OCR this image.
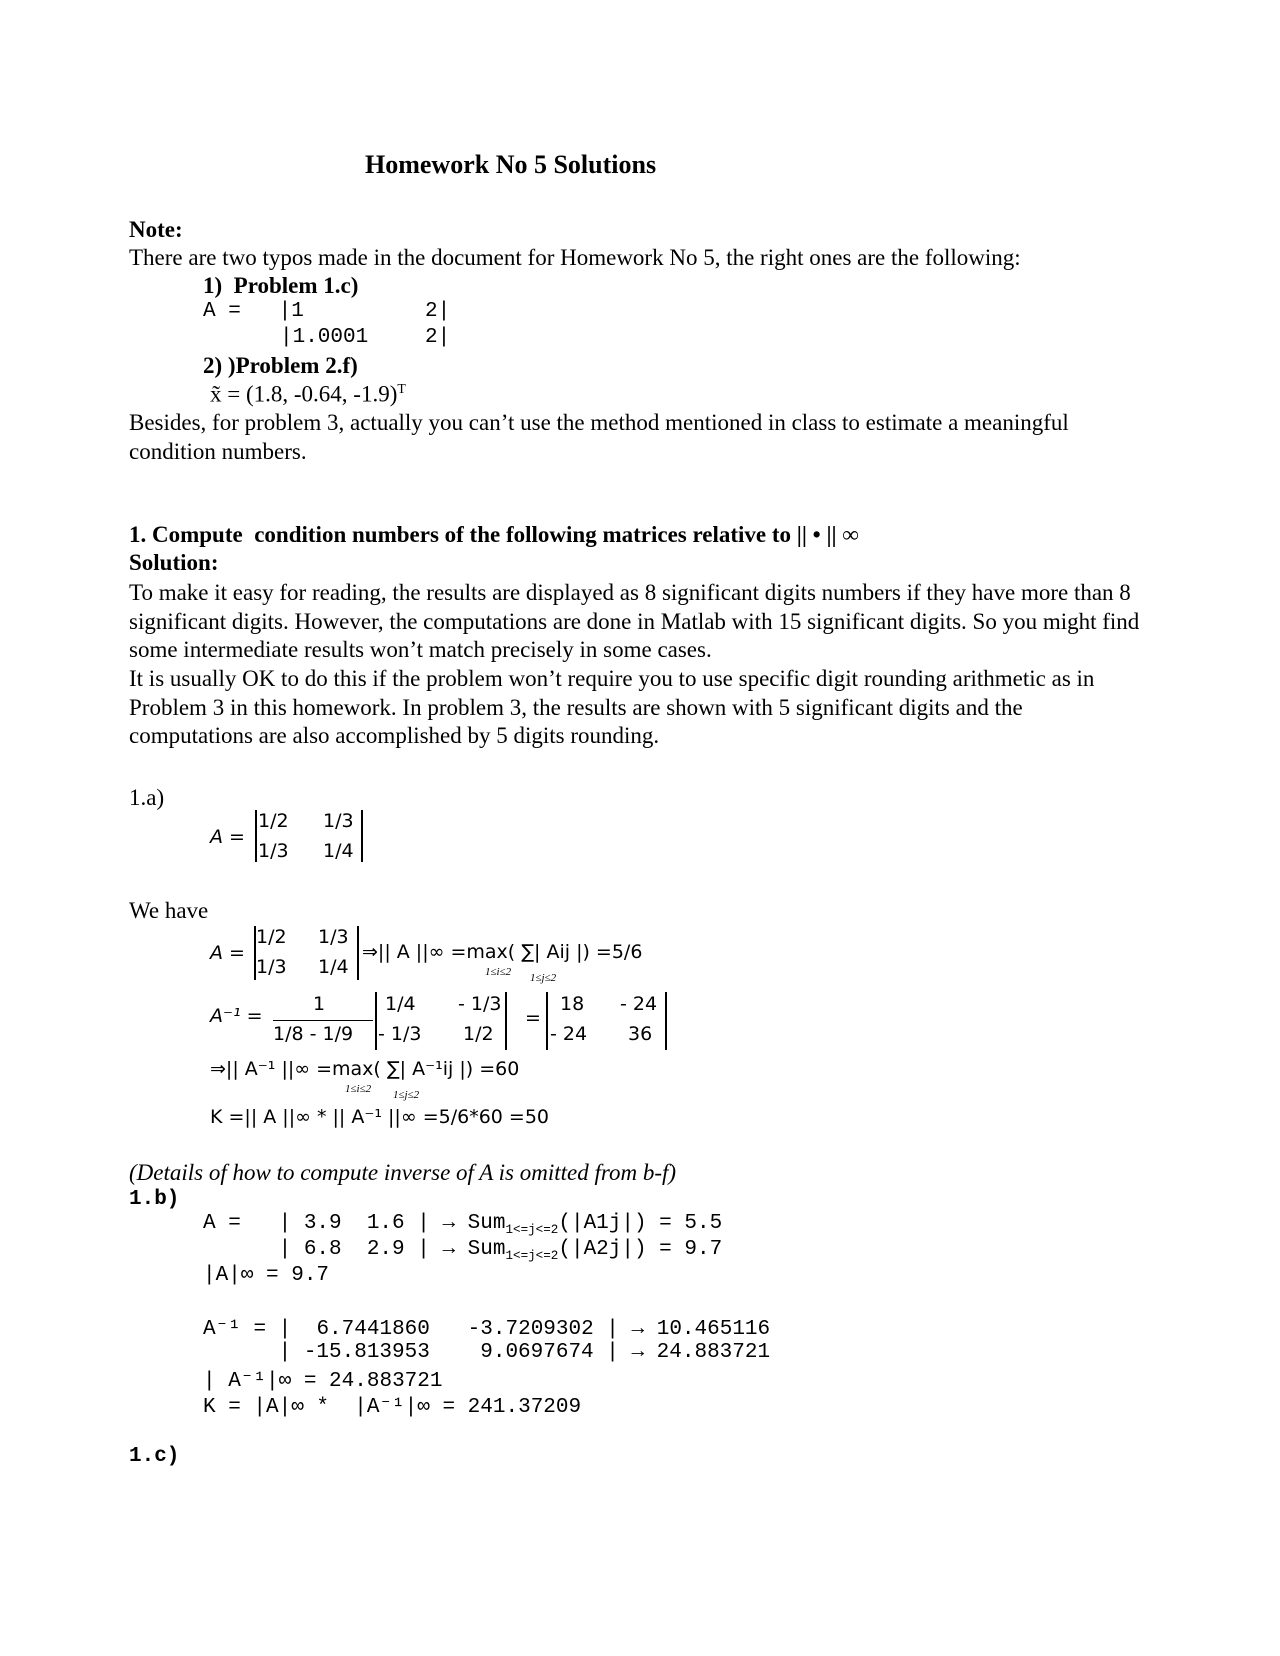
Homework No 5 Solutions
Note:
There are two typos made in the document for Homework No 5, the right ones are the following:
1)  Problem 1.c)
A =   |1	2|
|1.0001	2|
2) )Problem 2.f)
x̃ = (1.8, -0.64, -1.9)$^T$
Besides, for problem 3, actually you can’t use the method mentioned in class to estimate a meaningful condition numbers.
1. Compute  condition numbers of the following matrices relative to || • || ∞
Solution:
To make it easy for reading, the results are displayed as 8 significant digits numbers if they have more than 8 significant digits. However, the computations are done in Matlab with 15 significant digits. So you might find some intermediate results won’t match precisely in some cases.
It is usually OK to do this if the problem won’t require you to use specific digit rounding arithmetic as in Problem 3 in this homework. In problem 3, the results are shown with 5 significant digits and the computations are also accomplished by 5 digits rounding.
1.a)
A =
1/2 1/3
1/3 1/4
We have
A =
1/2 1/3
1/3 1/4
⇒|| A ||∞ =max( ∑| Aij |) =5/6
1≤i≤2 1≤j≤2
A⁻¹ =
1
1/8 - 1/9
1/4 - 1/3
- 1/3 1/2
=
18 - 24
- 24 36
⇒|| A⁻¹ ||∞ =max( ∑| A⁻¹ij |) =60
1≤i≤2 1≤j≤2
K =|| A ||∞ * || A⁻¹ ||∞ =5/6*60 =50
(Details of how to compute inverse of A is omitted from b-f)
1.b)
A =   | 3.9  1.6 | → Sum$_{1<=j<=2}$(|A1j|) = 5.5
| 6.8  2.9 | → Sum$_{1<=j<=2}$(|A2j|) = 9.7
|A|∞ = 9.7
A⁻¹ = |  6.7441860   -3.7209302 | → 10.465116
| -15.813953    9.0697674 | → 24.883721
| A⁻¹|∞ = 24.883721
K = |A|∞ *  |A⁻¹|∞ = 241.37209
1.c)
